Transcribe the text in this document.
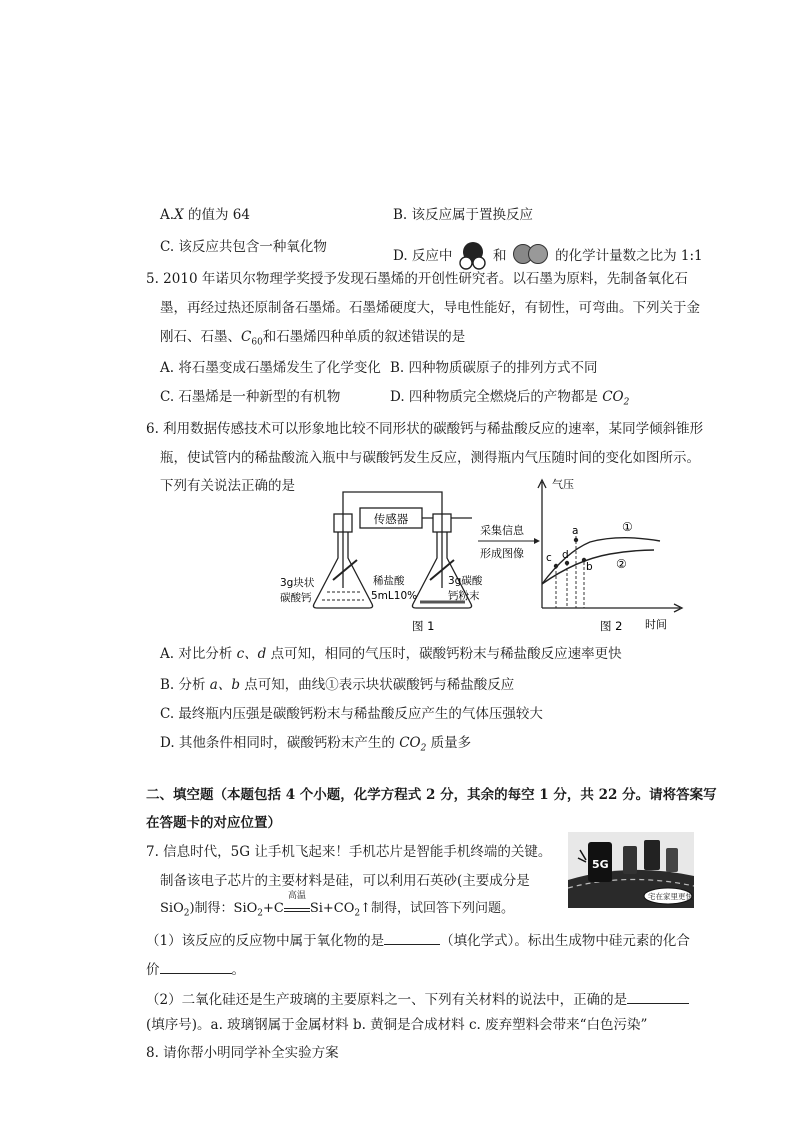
A.X 的值为 64	B. 该反应属于置换反应
C. 该反应共包含一种氧化物
D. 反应中	和	的化学计量数之比为 1:1
5. 2010 年诺贝尔物理学奖授予发现石墨烯的开创性研究者。以石墨为原料，先制备氧化石
墨，再经过热还原制备石墨烯。石墨烯硬度大，导电性能好，有韧性，可弯曲。下列关于金
刚石、石墨、$C_{60}$和石墨烯四种单质的叙述错误的是
A. 将石墨变成石墨烯发生了化学变化 B. 四种物质碳原子的排列方式不同
C. 石墨烯是一种新型的有机物	D. 四种物质完全燃烧后的产物都是 $CO_2$
6. 利用数据传感技术可以形象地比较不同形状的碳酸钙与稀盐酸反应的速率，某同学倾斜锥形
瓶，使试管内的稀盐酸流入瓶中与碳酸钙发生反应，测得瓶内气压随时间的变化如图所示。
下列有关说法正确的是
传感器
3g块状
碳酸钙
稀盐酸
5mL10%
3g碳酸
钙粉末
采集信息
形成图像
气压
①
②
a
b
c d
图 1	图 2 时间
A. 对比分析 c、d 点可知，相同的气压时，碳酸钙粉末与稀盐酸反应速率更快
B. 分析 a、b 点可知，曲线①表示块状碳酸钙与稀盐酸反应
C. 最终瓶内压强是碳酸钙粉末与稀盐酸反应产生的气体压强较大
D. 其他条件相同时，碳酸钙粉末产生的 $CO_2$ 质量多
二、填空题（本题包括 4 个小题，化学方程式 2 分，其余的每空 1 分，共 22 分。请将答案写
在答题卡的对应位置）
7. 信息时代，5G 让手机飞起来！手机芯片是智能手机终端的关键。
制备该电子芯片的主要材料是硅，可以利用石英砂(主要成分是
SiO$_2$)制得：SiO$_2$+C
高温
$Si+CO_2↑$制得，试回答下列问题。
（1）该反应的反应物中属于氧化物的是	（填化学式）。标出生成物中硅元素的化合
价	。
（2）二氧化硅还是生产玻璃的主要原料之一、下列有关材料的说法中，正确的是
(填序号)。a. 玻璃钢属于金属材料 b. 黄铜是合成材料 c. 废弃塑料会带来“白色污染”
5G
宅在家里更快
8. 请你帮小明同学补全实验方案
